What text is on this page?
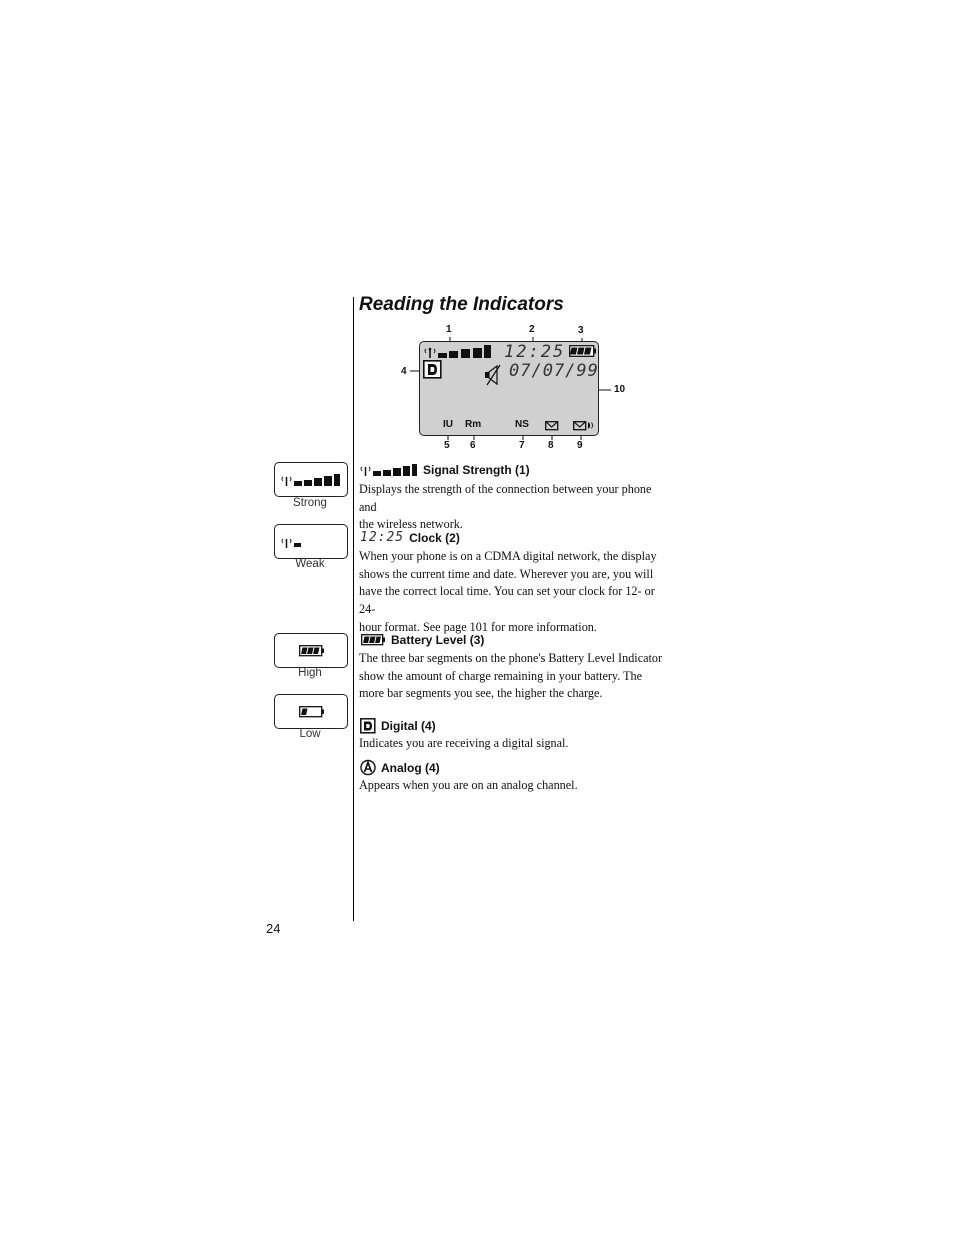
Reading the Indicators
1	2	3
4
10
5 6	7 8 9
12:25
07/07/99
IU Rm	NS
Strong
Weak
High
Low
Signal Strength (1)
Displays the strength of the connection between your phone and
the wireless network.
12:25 Clock (2)
When your phone is on a CDMA digital network, the display
shows the current time and date. Wherever you are, you will
have the correct local time. You can set your clock for 12- or 24-
hour format. See page 101 for more information.
Battery Level (3)
The three bar segments on the phone's Battery Level Indicator
show the amount of charge remaining in your battery. The
more bar segments you see, the higher the charge.
Digital (4)
Indicates you are receiving a digital signal.
Analog (4)
Appears when you are on an analog channel.
24
